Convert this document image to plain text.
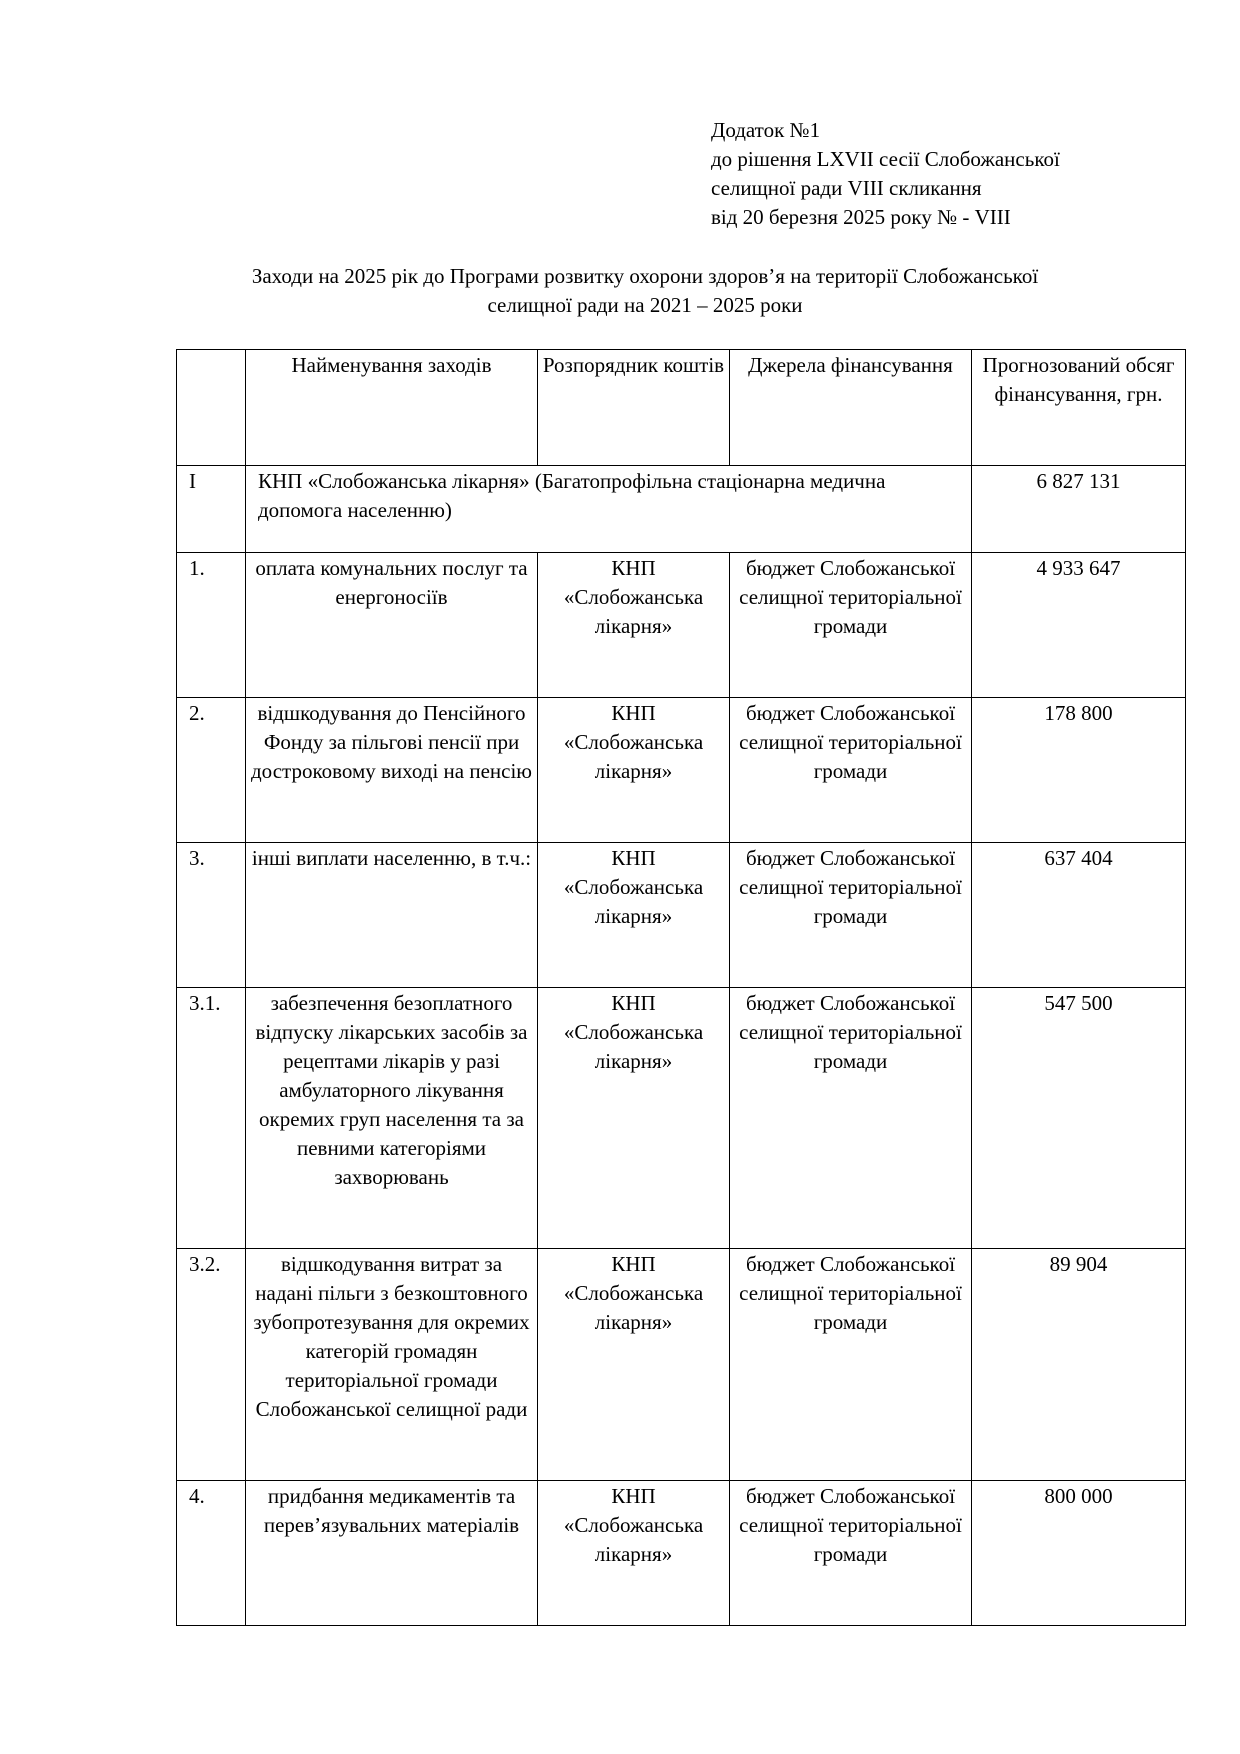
Додаток №1
до рішення LXVII сесії Слобожанської
селищної ради VIII скликання
від 20 березня 2025 року № - VIII
Заходи на 2025 рік до Програми розвитку охорони здоров’я на території Слобожанської
селищної ради на 2021 – 2025 роки
	Найменування заходів	Розпорядник коштів	Джерела фінансування	Прогнозований обсяг фінансування, грн.
І	КНП «Слобожанська лікарня» (Багатопрофільна стаціонарна медична допомога населенню)			6 827 131
1.	оплата комунальних послуг та енергоносіїв	КНП «Слобожанська лікарня»	бюджет Слобожанської селищної територіальної громади	4 933 647
2.	відшкодування до Пенсійного Фонду за пільгові пенсії при достроковому виході на пенсію	КНП «Слобожанська лікарня»	бюджет Слобожанської селищної територіальної громади	178 800
3.	інші виплати населенню, в т.ч.:	КНП «Слобожанська лікарня»	бюджет Слобожанської селищної територіальної громади	637 404
3.1.	забезпечення безоплатного відпуску лікарських засобів за рецептами лікарів у разі амбулаторного лікування окремих груп населення та за певними категоріями захворювань	КНП «Слобожанська лікарня»	бюджет Слобожанської селищної територіальної громади	547 500
3.2.	відшкодування витрат за надані пільги з безкоштовного зубопротезування для окремих категорій громадян територіальної громади Слобожанської селищної ради	КНП «Слобожанська лікарня»	бюджет Слобожанської селищної територіальної громади	89 904
4.	придбання медикаментів та перев’язувальних матеріалів	КНП «Слобожанська лікарня»	бюджет Слобожанської селищної територіальної громади	800 000
